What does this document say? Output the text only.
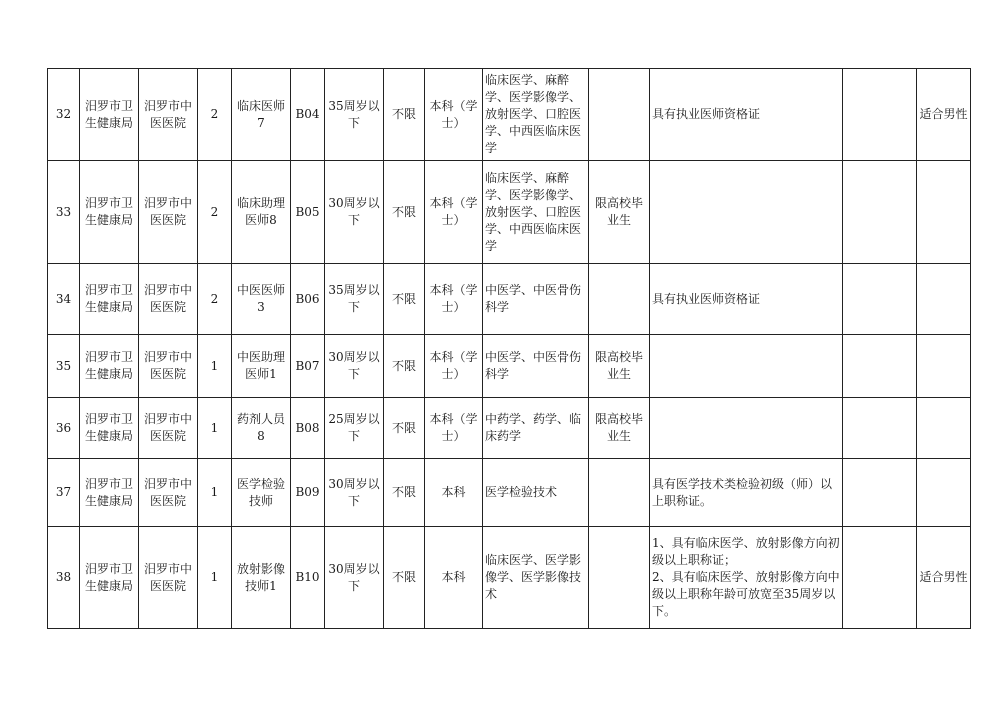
32	汨罗市卫生健康局	汨罗市中医医院	2	临床医师7	B04	35周岁以下	不限	本科（学士）	临床医学、麻醉学、医学影像学、放射医学、口腔医学、中西医临床医学		具有执业医师资格证		适合男性
33	汨罗市卫生健康局	汨罗市中医医院	2	临床助理医师8	B05	30周岁以下	不限	本科（学士）	临床医学、麻醉学、医学影像学、放射医学、口腔医学、中西医临床医学	限高校毕业生			
34	汨罗市卫生健康局	汨罗市中医医院	2	中医医师3	B06	35周岁以下	不限	本科（学士）	中医学、中医骨伤科学		具有执业医师资格证		
35	汨罗市卫生健康局	汨罗市中医医院	1	中医助理医师1	B07	30周岁以下	不限	本科（学士）	中医学、中医骨伤科学	限高校毕业生			
36	汨罗市卫生健康局	汨罗市中医医院	1	药剂人员8	B08	25周岁以下	不限	本科（学士）	中药学、药学、临床药学	限高校毕业生			
37	汨罗市卫生健康局	汨罗市中医医院	1	医学检验技师	B09	30周岁以下	不限	本科	医学检验技术		具有医学技术类检验初级（师）以上职称证。		
38	汨罗市卫生健康局	汨罗市中医医院	1	放射影像技师1	B10	30周岁以下	不限	本科	临床医学、医学影像学、医学影像技术		1、具有临床医学、放射影像方向初级以上职称证；
2、具有临床医学、放射影像方向中级以上职称年龄可放宽至35周岁以下。		适合男性
